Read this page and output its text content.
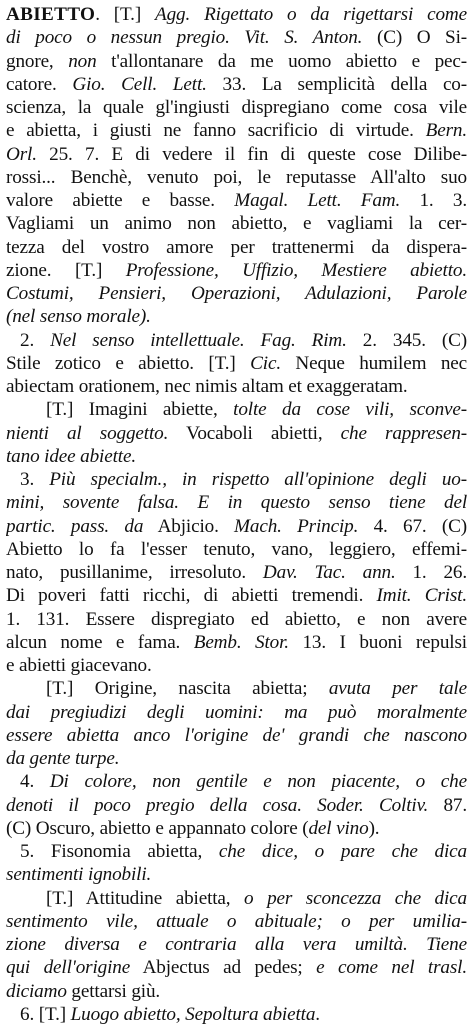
ABIETTO. [T.] Agg. Rigettato o da rigettarsi come
di poco o nessun pregio. Vit. S. Anton. (C) O Si-
gnore, non t'allontanare da me uomo abietto e pec-
catore. Gio. Cell. Lett. 33. La semplicità della co-
scienza, la quale gl'ingiusti dispregiano come cosa vile
e abietta, i giusti ne fanno sacrificio di virtude. Bern.
Orl. 25. 7. E di vedere il fin di queste cose Dilibe-
rossi... Benchè, venuto poi, le reputasse All'alto suo
valore abiette e basse. Magal. Lett. Fam. 1. 3.
Vagliami un animo non abietto, e vagliami la cer-
tezza del vostro amore per trattenermi da dispera-
zione. [T.] Professione, Uffizio, Mestiere abietto.
Costumi, Pensieri, Operazioni, Adulazioni, Parole
(nel senso morale).
2. Nel senso intellettuale. Fag. Rim. 2. 345. (C)
Stile zotico e abietto. [T.] Cic. Neque humilem nec
abiectam orationem, nec nimis altam et exaggeratam.
[T.] Imagini abiette, tolte da cose vili, sconve-
nienti al soggetto. Vocaboli abietti, che rappresen-
tano idee abiette.
3. Più specialm., in rispetto all'opinione degli uo-
mini, sovente falsa. E in questo senso tiene del
partic. pass. da Abjicio. Mach. Princip. 4. 67. (C)
Abietto lo fa l'esser tenuto, vano, leggiero, effemi-
nato, pusillanime, irresoluto. Dav. Tac. ann. 1. 26.
Di poveri fatti ricchi, di abietti tremendi. Imit. Crist.
1. 131. Essere dispregiato ed abietto, e non avere
alcun nome e fama. Bemb. Stor. 13. I buoni repulsi
e abietti giacevano.
[T.] Origine, nascita abietta; avuta per tale
dai pregiudizi degli uomini: ma può moralmente
essere abietta anco l'origine de' grandi che nascono
da gente turpe.
4. Di colore, non gentile e non piacente, o che
denoti il poco pregio della cosa. Soder. Coltiv. 87.
(C) Oscuro, abietto e appannato colore (del vino).
5. Fisonomia abietta, che dice, o pare che dica
sentimenti ignobili.
[T.] Attitudine abietta, o per sconcezza che dica
sentimento vile, attuale o abituale; o per umilia-
zione diversa e contraria alla vera umiltà. Tiene
qui dell'origine Abjectus ad pedes; e come nel trasl.
diciamo gettarsi giù.
6. [T.] Luogo abietto, Sepoltura abietta.
